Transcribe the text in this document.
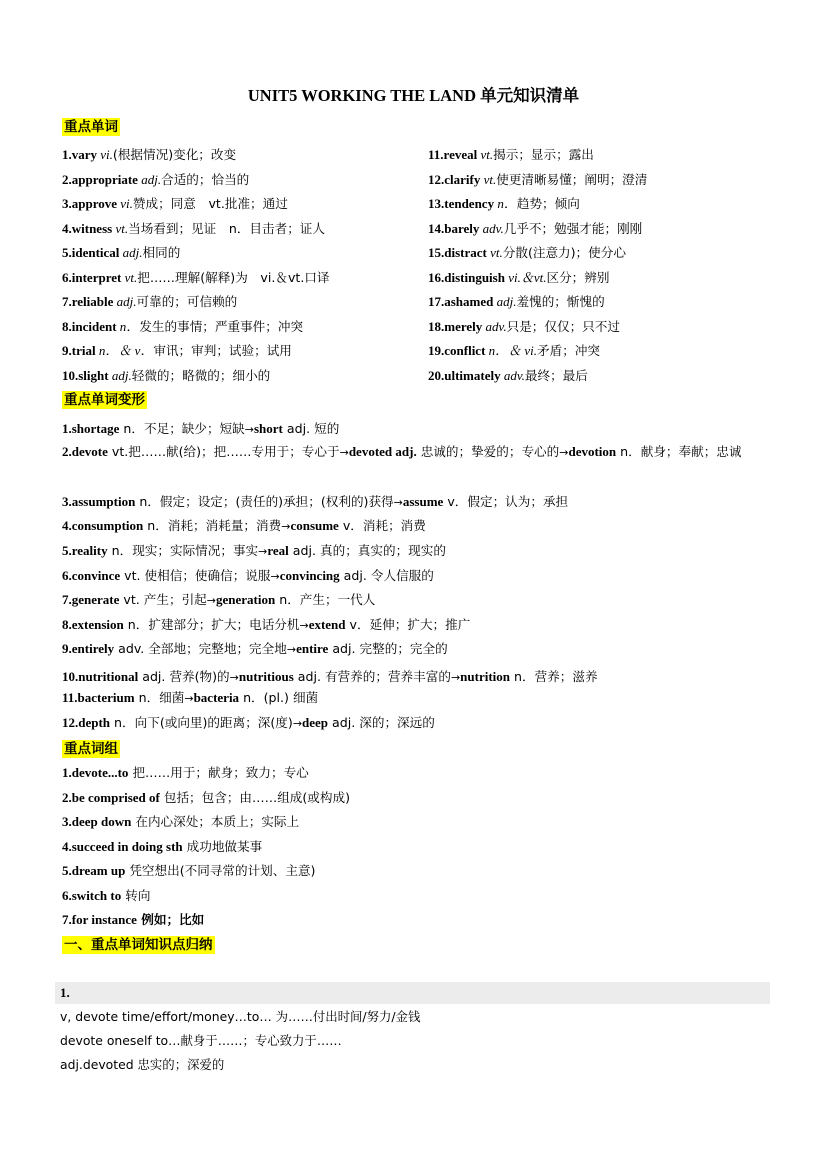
UNIT5 WORKING THE LAND 单元知识清单
重点单词
1.vary vi.(根据情况)变化；改变
2.appropriate adj.合适的；恰当的
3.approve vi.赞成；同意　vt.批准；通过
4.witness vt.当场看到；见证　n．目击者；证人
5.identical adj.相同的
6.interpret vt.把……理解(解释)为　vi.＆vt.口译
7.reliable adj.可靠的；可信赖的
8.incident n．发生的事情；严重事件；冲突
9.trial n．＆ v．审讯；审判；试验；试用
10.slight adj.轻微的；略微的；细小的
11.reveal vt.揭示；显示；露出
12.clarify vt.使更清晰易懂；阐明；澄清
13.tendency n．趋势；倾向
14.barely adv.几乎不；勉强才能；刚刚
15.distract vt.分散(注意力)；使分心
16.distinguish vi.＆vt.区分；辨别
17.ashamed adj.羞愧的；惭愧的
18.merely adv.只是；仅仅；只不过
19.conflict n．＆ vi.矛盾；冲突
20.ultimately adv.最终；最后
重点单词变形
1.shortage n．不足；缺少；短缺→short adj. 短的
2.devote vt.把……献(给)；把……专用于；专心于→devoted adj. 忠诚的；挚爱的；专心的→devotion n．献身；奉献；忠诚
3.assumption n．假定；设定；(责任的)承担；(权利的)获得→assume v．假定；认为；承担
4.consumption n．消耗；消耗量；消费→consume v．消耗；消费
5.reality n．现实；实际情况；事实→real adj. 真的；真实的；现实的
6.convince vt. 使相信；使确信；说服→convincing adj. 令人信服的
7.generate vt. 产生；引起→generation n．产生；一代人
8.extension n．扩建部分；扩大；电话分机→extend v．延伸；扩大；推广
9.entirely adv. 全部地；完整地；完全地→entire adj. 完整的；完全的
10.nutritional adj. 营养(物)的→nutritious adj. 有营养的；营养丰富的→nutrition n．营养；滋养
11.bacterium n．细菌→bacteria n．(pl.) 细菌
12.depth n．向下(或向里)的距离；深(度)→deep adj. 深的；深远的
重点词组
1.devote...to 把……用于；献身；致力；专心
2.be comprised of 包括；包含；由……组成(或构成)
3.deep down 在内心深处；本质上；实际上
4.succeed in doing sth 成功地做某事
5.dream up 凭空想出(不同寻常的计划、主意)
6.switch to 转向
7.for instance 例如；比如
一、重点单词知识点归纳
1.
v, devote time/effort/money…to… 为……付出时间/努力/金钱
devote oneself to…献身于……；专心致力于……
adj.devoted 忠实的；深爱的
